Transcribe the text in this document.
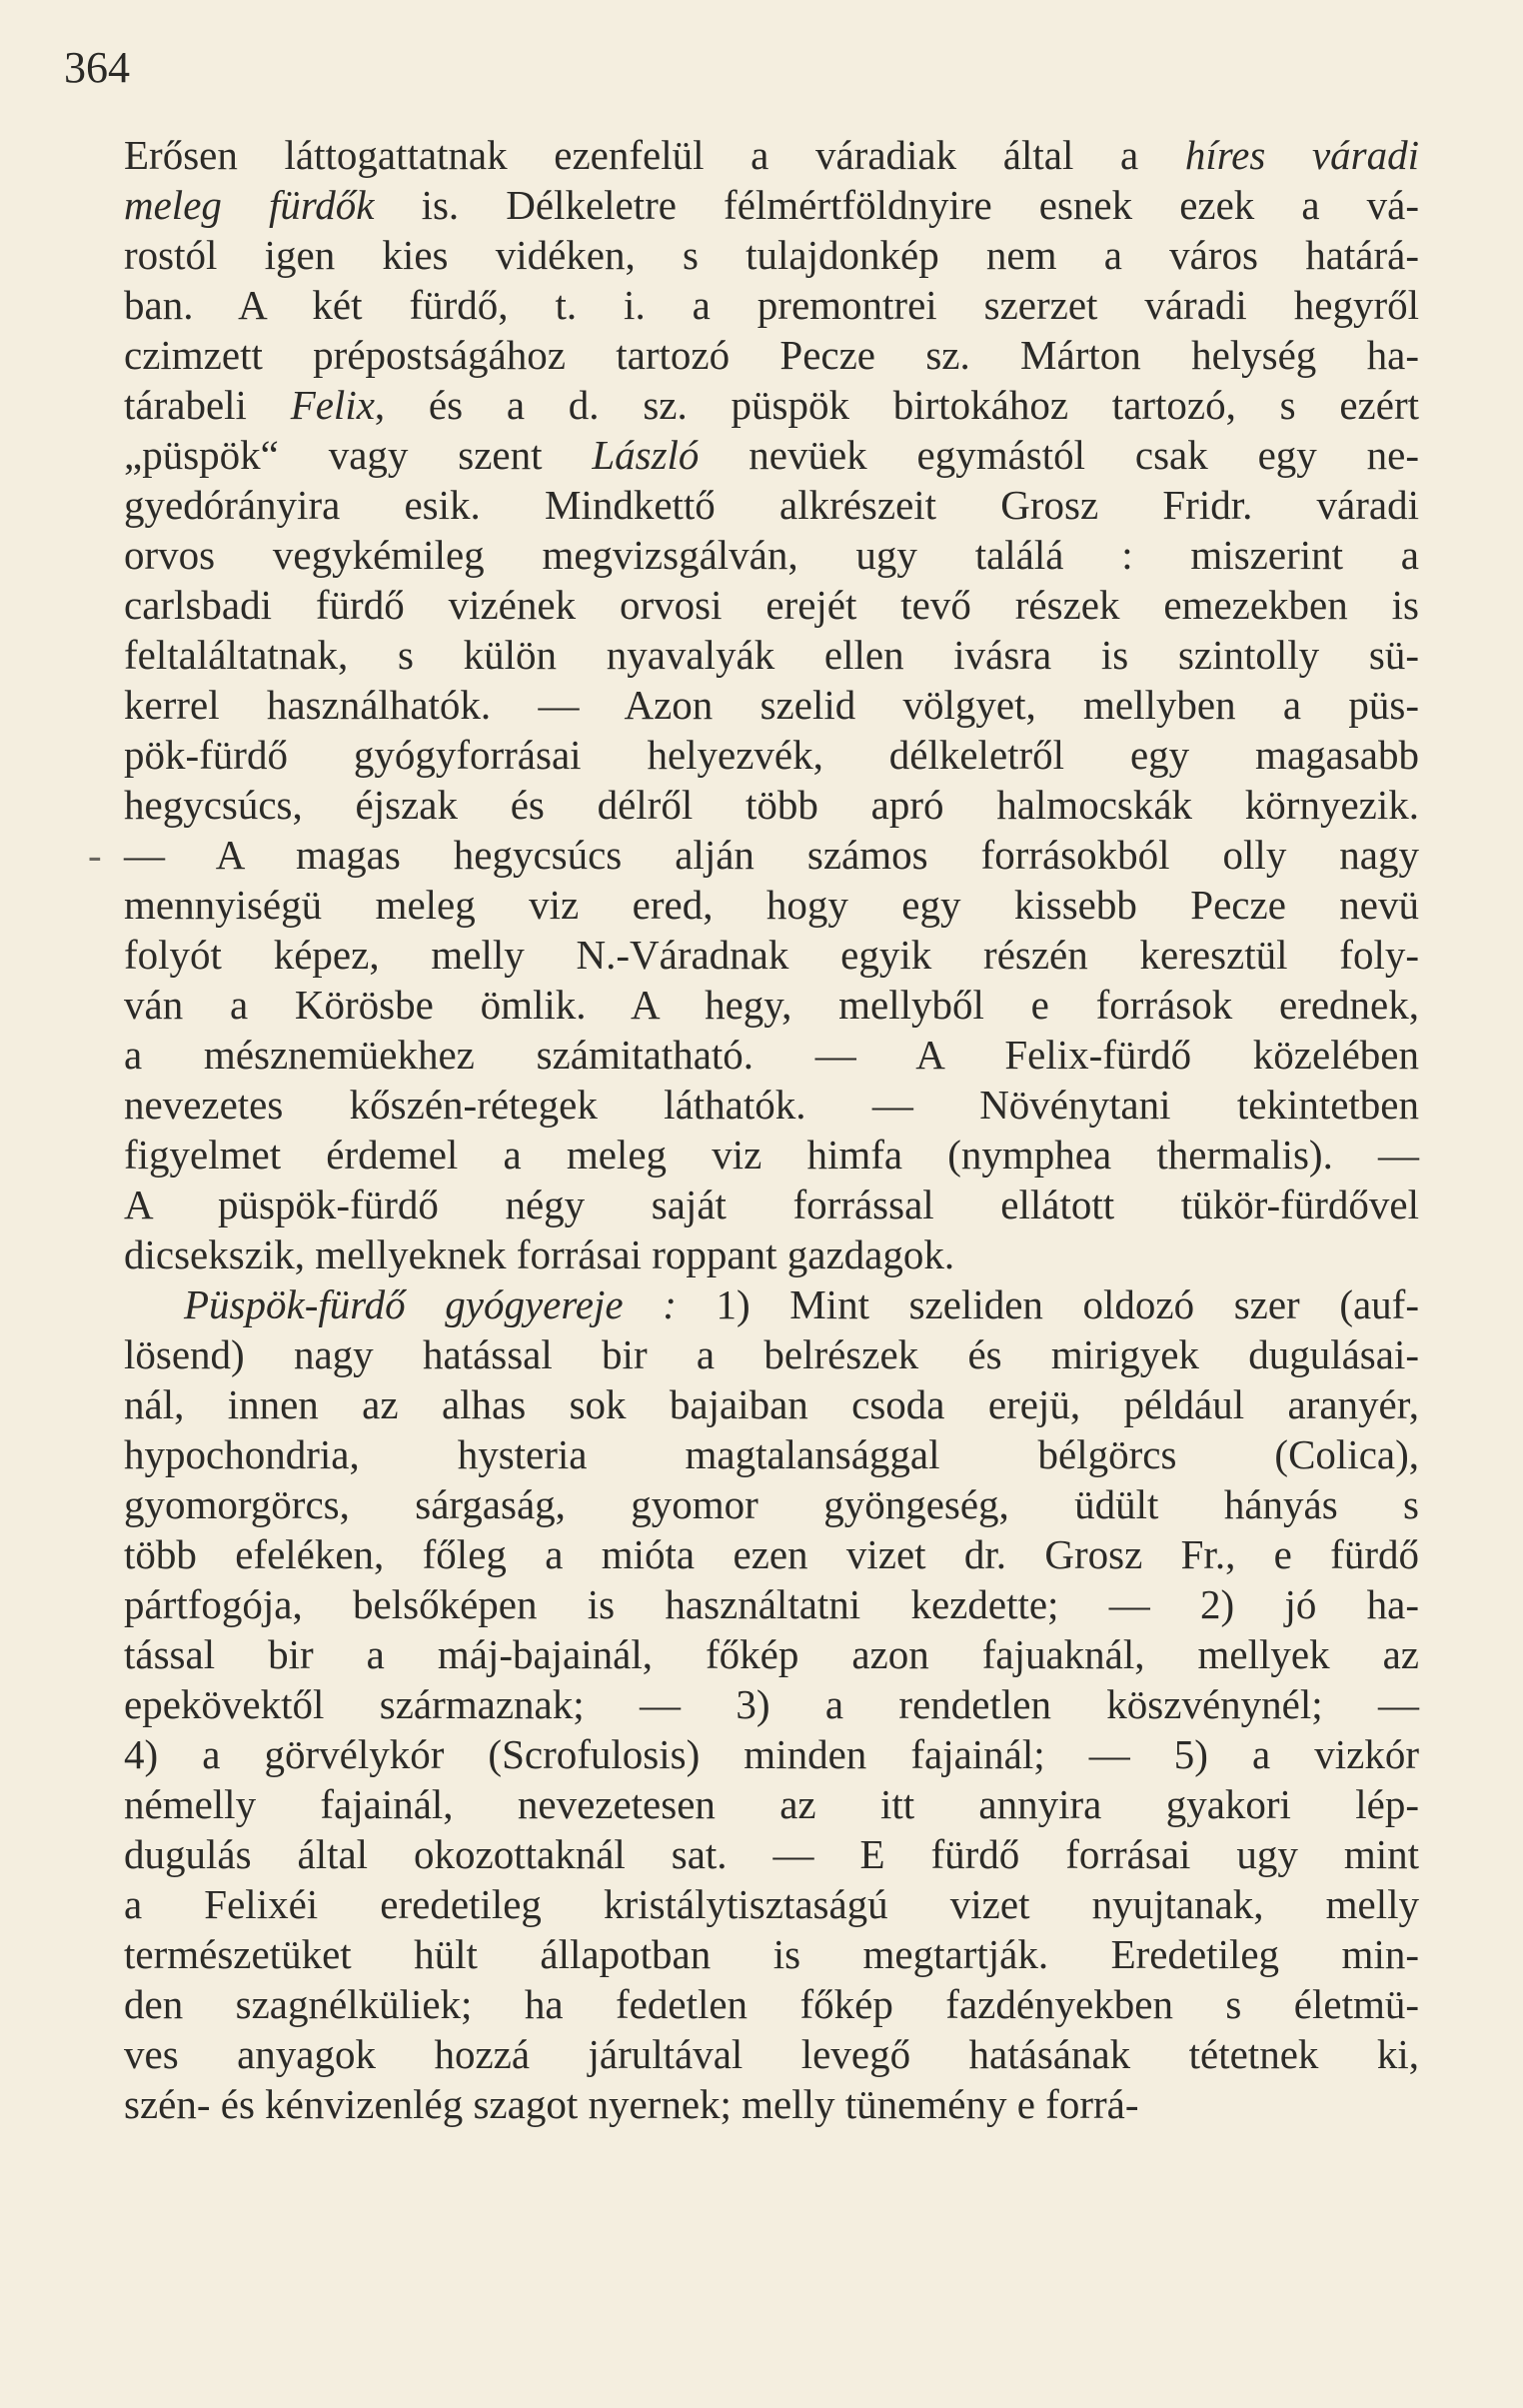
364

Erősen láttogattatnak ezenfelül a váradiak által a híres váradi
meleg fürdők is. Délkeletre félmértföldnyire esnek ezek a vá-
rostól igen kies vidéken, s tulajdonkép nem a város határá-
ban. A két fürdő, t. i. a premontrei szerzet váradi hegyről
czimzett prépostságához tartozó Pecze sz. Márton helység ha-
tárabeli Felix, és a d. sz. püspök birtokához tartozó, s ezért
„püspök“ vagy szent László nevüek egymástól csak egy ne-
gyedórányira esik. Mindkettő alkrészeit Grosz Fridr. váradi
orvos vegykémileg megvizsgálván, ugy találá : miszerint a
carlsbadi fürdő vizének orvosi erejét tevő részek emezekben is
feltaláltatnak, s külön nyavalyák ellen ivásra is szintolly sü-
kerrel használhatók. — Azon szelid völgyet, mellyben a püs-
pök-fürdő gyógyforrásai helyezvék, délkeletről egy magasabb
hegycsúcs, éjszak és délről több apró halmocskák környezik.
- — A magas hegycsúcs alján számos forrásokból olly nagy
mennyiségü meleg viz ered, hogy egy kissebb Pecze nevü
folyót képez, melly N.-Váradnak egyik részén keresztül foly-
ván a Körösbe ömlik. A hegy, mellyből e források erednek,
a mésznemüekhez számitatható. — A Felix-fürdő közelében
nevezetes kőszén-rétegek láthatók. — Növénytani tekintetben
figyelmet érdemel a meleg viz himfa (nymphea thermalis). —
A püspök-fürdő négy saját forrással ellátott tükör-fürdővel
dicsekszik, mellyeknek forrásai roppant gazdagok.
Püspök-fürdő gyógyereje : 1) Mint szeliden oldozó szer (auf-
lösend) nagy hatással bir a belrészek és mirigyek dugulásai-
nál, innen az alhas sok bajaiban csoda erejü, például aranyér,
hypochondria, hysteria magtalansággal bélgörcs (Colica),
gyomorgörcs, sárgaság, gyomor gyöngeség, üdült hányás s
több efeléken, főleg a mióta ezen vizet dr. Grosz Fr., e fürdő
pártfogója, belsőképen is használtatni kezdette; — 2) jó ha-
tással bir a máj-bajainál, főkép azon fajuaknál, mellyek az
epekövektől származnak; — 3) a rendetlen köszvénynél; —
4) a görvélykór (Scrofulosis) minden fajainál; — 5) a vizkór
némelly fajainál, nevezetesen az itt annyira gyakori lép-
dugulás által okozottaknál sat. — E fürdő forrásai ugy mint
a Felixéi eredetileg kristálytisztaságú vizet nyujtanak, melly
természetüket hült állapotban is megtartják. Eredetileg min-
den szagnélküliek; ha fedetlen főkép fazdényekben s életmü-
ves anyagok hozzá járultával levegő hatásának tétetnek ki,
szén- és kénvizenlég szagot nyernek; melly tünemény e forrá-
